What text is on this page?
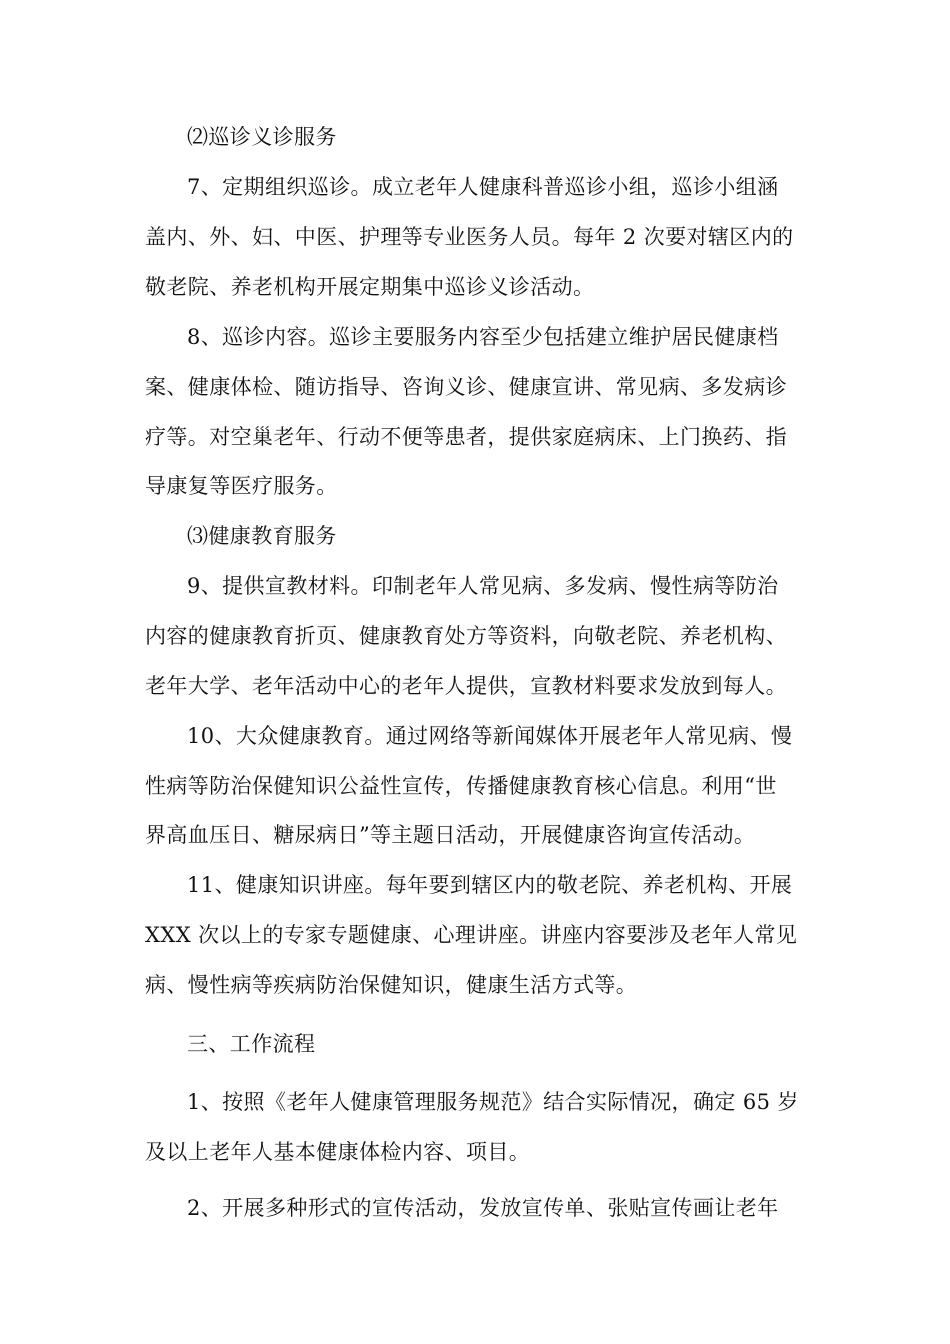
⑵巡诊义诊服务
7、定期组织巡诊。成立老年人健康科普巡诊小组，巡诊小组涵
盖内、外、妇、中医、护理等专业医务人员。每年 2 次要对辖区内的
敬老院、养老机构开展定期集中巡诊义诊活动。
8、巡诊内容。巡诊主要服务内容至少包括建立维护居民健康档
案、健康体检、随访指导、咨询义诊、健康宣讲、常见病、多发病诊
疗等。对空巢老年、行动不便等患者，提供家庭病床、上门换药、指
导康复等医疗服务。
⑶健康教育服务
9、提供宣教材料。印制老年人常见病、多发病、慢性病等防治
内容的健康教育折页、健康教育处方等资料，向敬老院、养老机构、
老年大学、老年活动中心的老年人提供，宣教材料要求发放到每人。
10、大众健康教育。通过网络等新闻媒体开展老年人常见病、慢
性病等防治保健知识公益性宣传，传播健康教育核心信息。利用“世
界高血压日、糖尿病日”等主题日活动，开展健康咨询宣传活动。
11、健康知识讲座。每年要到辖区内的敬老院、养老机构、开展
XXX 次以上的专家专题健康、心理讲座。讲座内容要涉及老年人常见
病、慢性病等疾病防治保健知识，健康生活方式等。
三、工作流程
1、按照《老年人健康管理服务规范》结合实际情况，确定 65 岁
及以上老年人基本健康体检内容、项目。
2、开展多种形式的宣传活动，发放宣传单、张贴宣传画让老年
